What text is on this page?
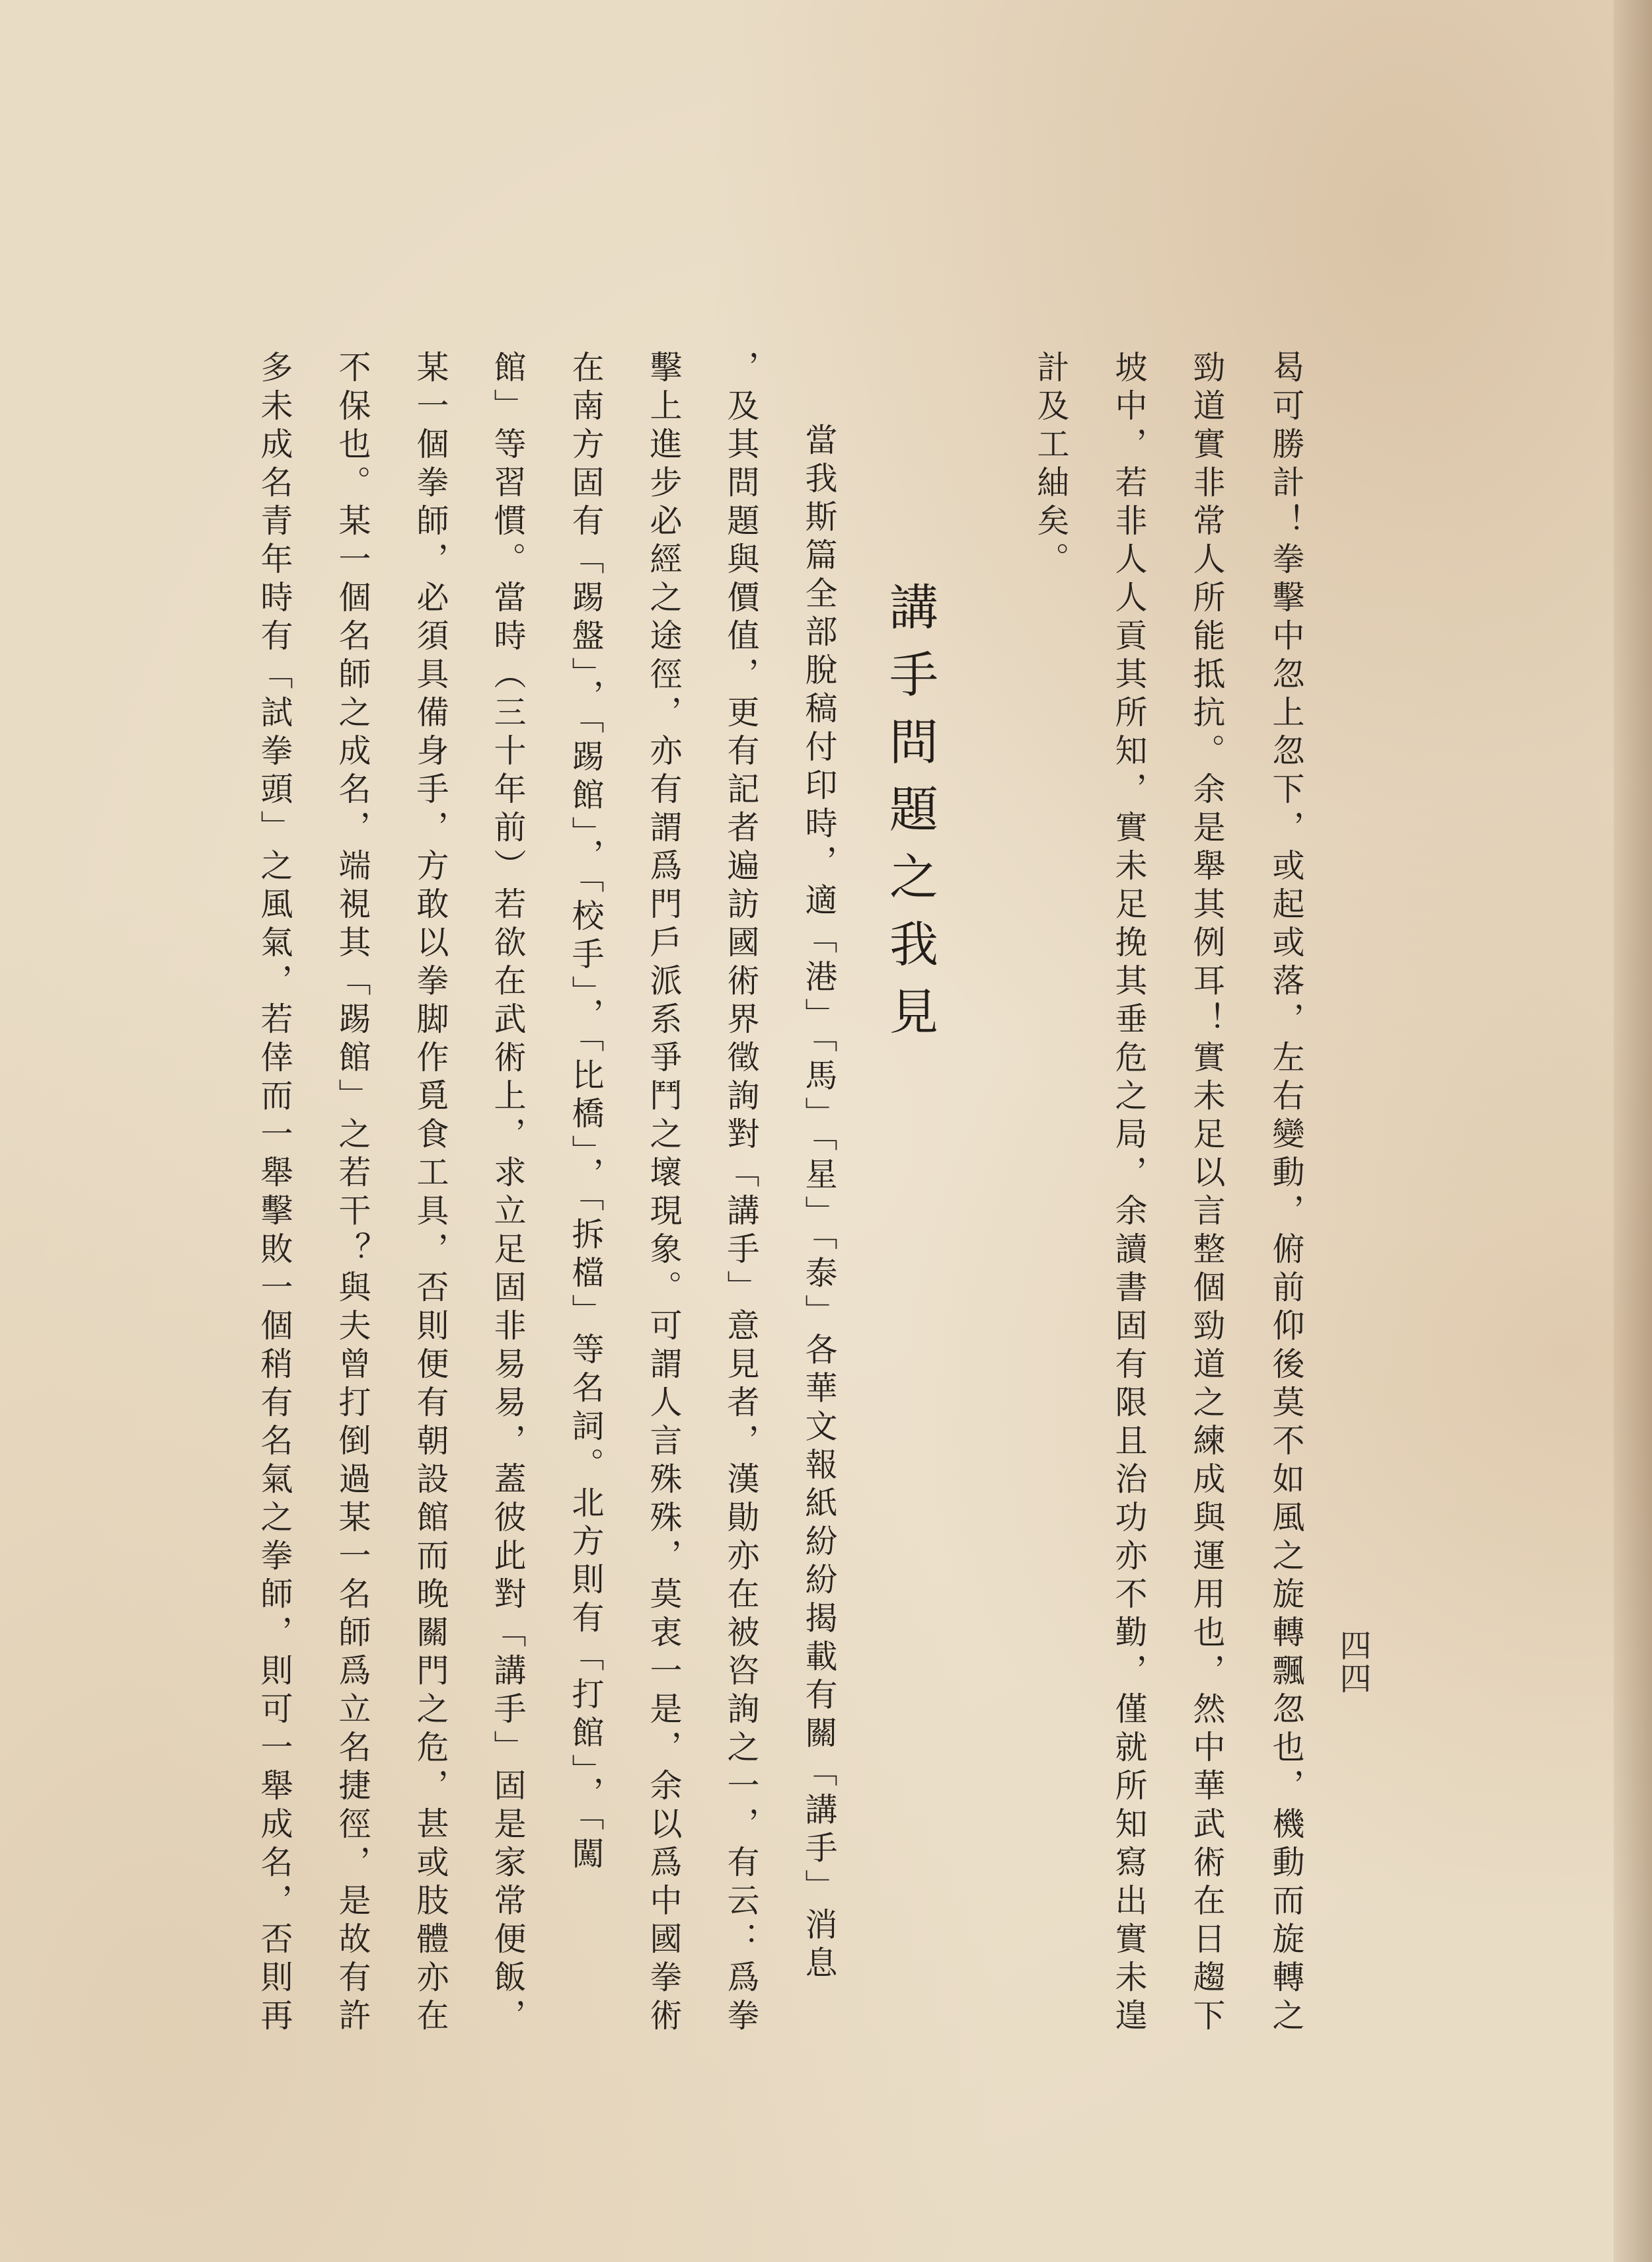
四四
曷可勝計！拳擊中忽上忽下，或起或落，左右變動，俯前仰後莫不如風之旋轉飄忽也，機動而旋轉之
勁道實非常人所能抵抗。余是舉其例耳！實未足以言整個勁道之練成與運用也，然中華武術在日趨下
坡中，若非人人貢其所知，實未足挽其垂危之局，余讀書固有限且治功亦不勤，僅就所知寫出實未遑
計及工紬矣。
講手問題之我見
當我斯篇全部脫稿付印時，適「港」「馬」「星」「泰」各華文報紙紛紛揭載有關「講手」消息
，及其問題與價值，更有記者遍訪國術界徵詢對「講手」意見者，漢勛亦在被咨詢之一，有云：爲拳
擊上進步必經之途徑，亦有謂爲門戶派系爭鬥之壞現象。可謂人言殊殊，莫衷一是，余以爲中國拳術
在南方固有「踢盤」，「踢館」，「校手」，「比橋」，「拆檔」等名詞。北方則有「打館」，「闖
館」等習慣。當時（三十年前）若欲在武術上，求立足固非易易，蓋彼此對「講手」固是家常便飯，
某一個拳師，必須具備身手，方敢以拳脚作覓食工具，否則便有朝設館而晚關門之危，甚或肢體亦在
不保也。某一個名師之成名，端視其「踢館」之若干？與夫曾打倒過某一名師爲立名捷徑，是故有許
多未成名青年時有「試拳頭」之風氣，若倖而一舉擊敗一個稍有名氣之拳師，則可一舉成名，否則再
